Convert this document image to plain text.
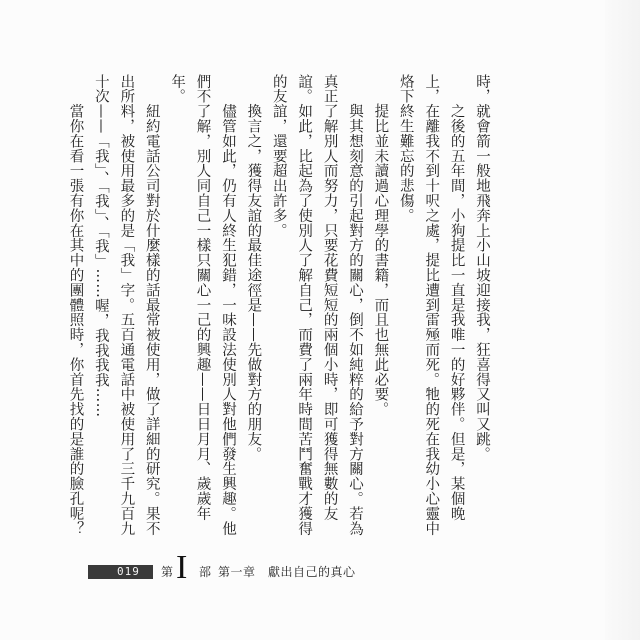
時，就會箭一般地飛奔上小山坡迎接我，狂喜得又叫又跳。

　　之後的五年間，小狗提比一直是我唯一的好夥伴。但是，某個晚上，在離我不到十呎之處，提比遭到雷殛而死。牠的死在我幼小心靈中烙下終生難忘的悲傷。

　　提比並未讀過心理學的書籍，而且也無此必要。

　　與其想刻意的引起對方的關心，倒不如純粹的給予對方關心。若為真正了解別人而努力，只要花費短短的兩個小時，即可獲得無數的友誼。如此，比起為了使別人了解自己，而費了兩年時間苦鬥奮戰才獲得的友誼，還要超出許多。

　　換言之，獲得友誼的最佳途徑是——先做對方的朋友。

　　儘管如此，仍有人終生犯錯，一味設法使別人對他們發生興趣。他們不了解，別人同自己一樣只關心一己的興趣——日日月月、歲歲年年。

　　紐約電話公司對於什麼樣的話最常被使用，做了詳細的研究。果不出所料，被使用最多的是「我」字。五百通電話中被使用了三千九百九十次——「我」、「我」、「我」……喔，我我我我……

　　當你在看一張有你在其中的團體照時，你首先找的是誰的臉孔呢？

019 第 I 部 第一章　獻出自己的真心
